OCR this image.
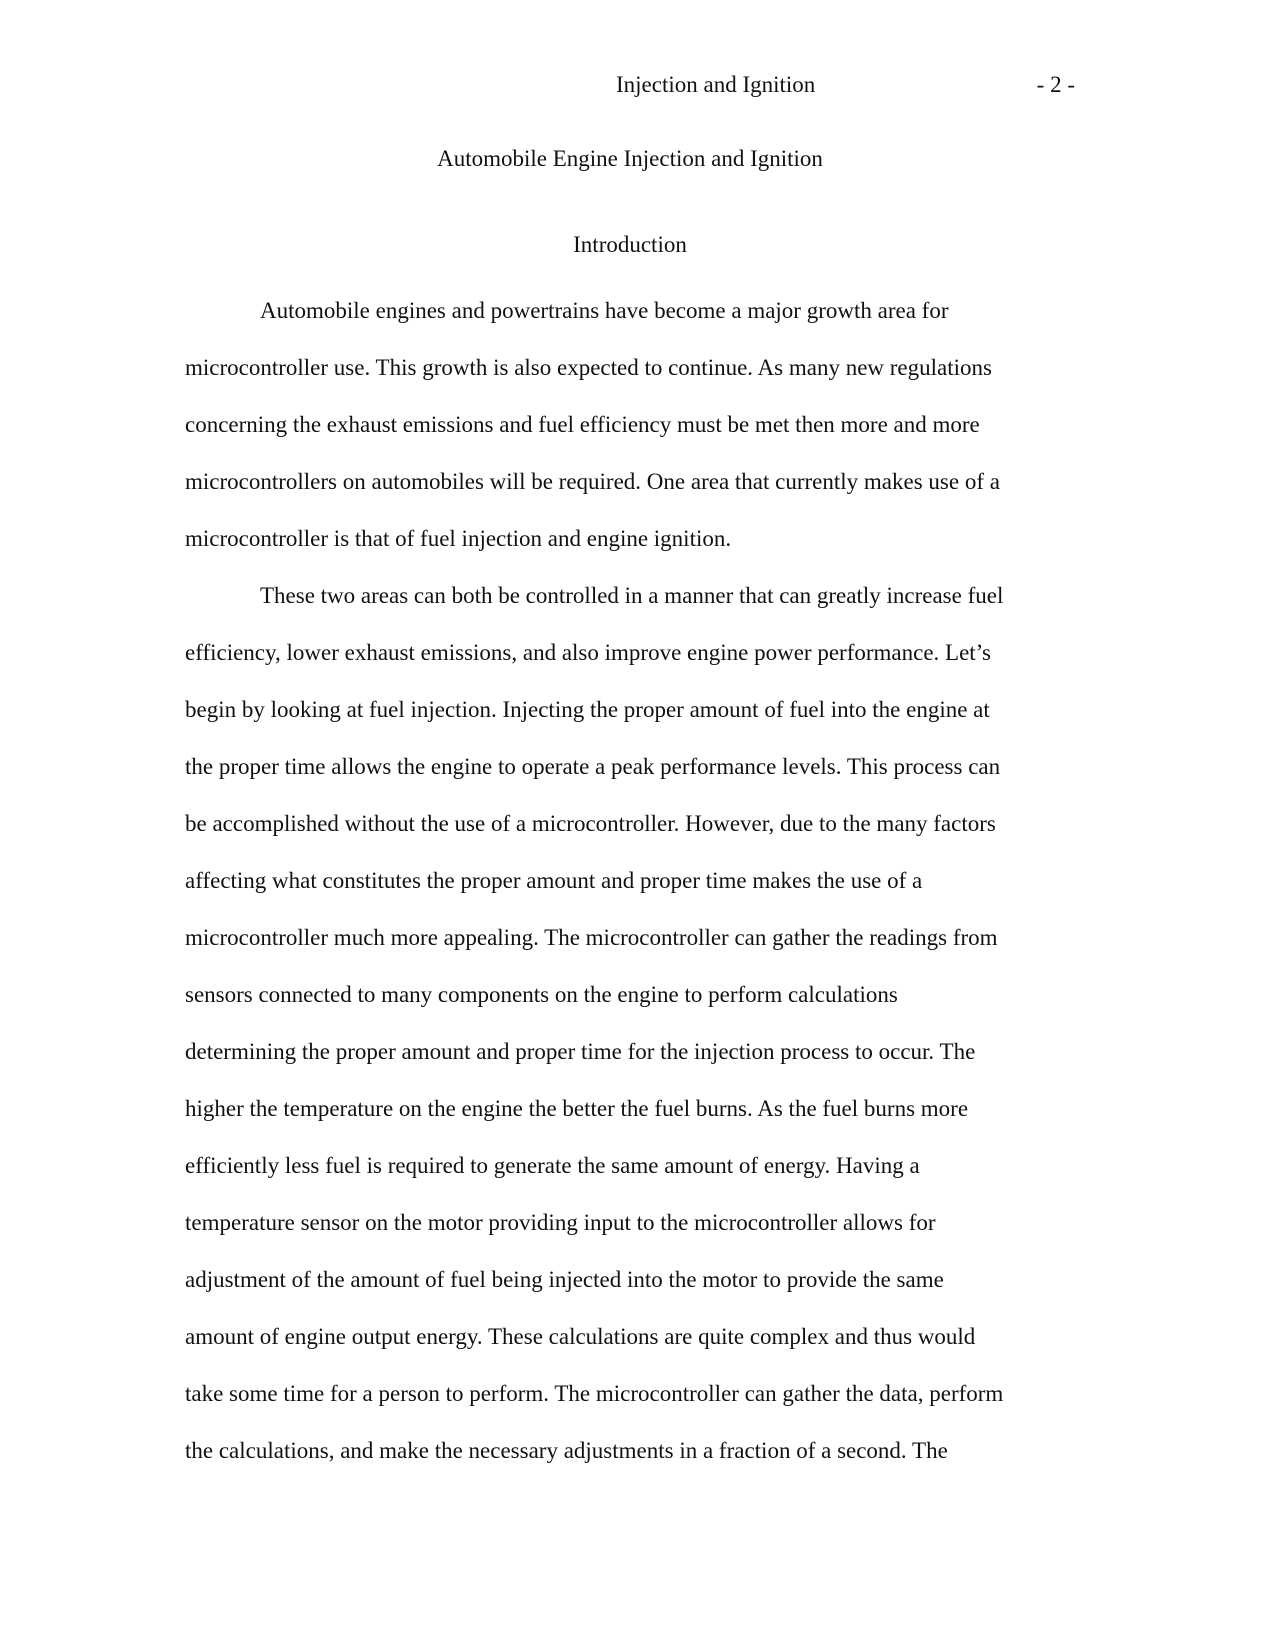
Injection and Ignition	- 2 -
Automobile Engine Injection and Ignition
Introduction
Automobile engines and powertrains have become a major growth area for
microcontroller use. This growth is also expected to continue. As many new regulations
concerning the exhaust emissions and fuel efficiency must be met then more and more
microcontrollers on automobiles will be required. One area that currently makes use of a
microcontroller is that of fuel injection and engine ignition.
These two areas can both be controlled in a manner that can greatly increase fuel
efficiency, lower exhaust emissions, and also improve engine power performance. Let’s
begin by looking at fuel injection. Injecting the proper amount of fuel into the engine at
the proper time allows the engine to operate a peak performance levels. This process can
be accomplished without the use of a microcontroller. However, due to the many factors
affecting what constitutes the proper amount and proper time makes the use of a
microcontroller much more appealing. The microcontroller can gather the readings from
sensors connected to many components on the engine to perform calculations
determining the proper amount and proper time for the injection process to occur. The
higher the temperature on the engine the better the fuel burns. As the fuel burns more
efficiently less fuel is required to generate the same amount of energy. Having a
temperature sensor on the motor providing input to the microcontroller allows for
adjustment of the amount of fuel being injected into the motor to provide the same
amount of engine output energy. These calculations are quite complex and thus would
take some time for a person to perform. The microcontroller can gather the data, perform
the calculations, and make the necessary adjustments in a fraction of a second. The
